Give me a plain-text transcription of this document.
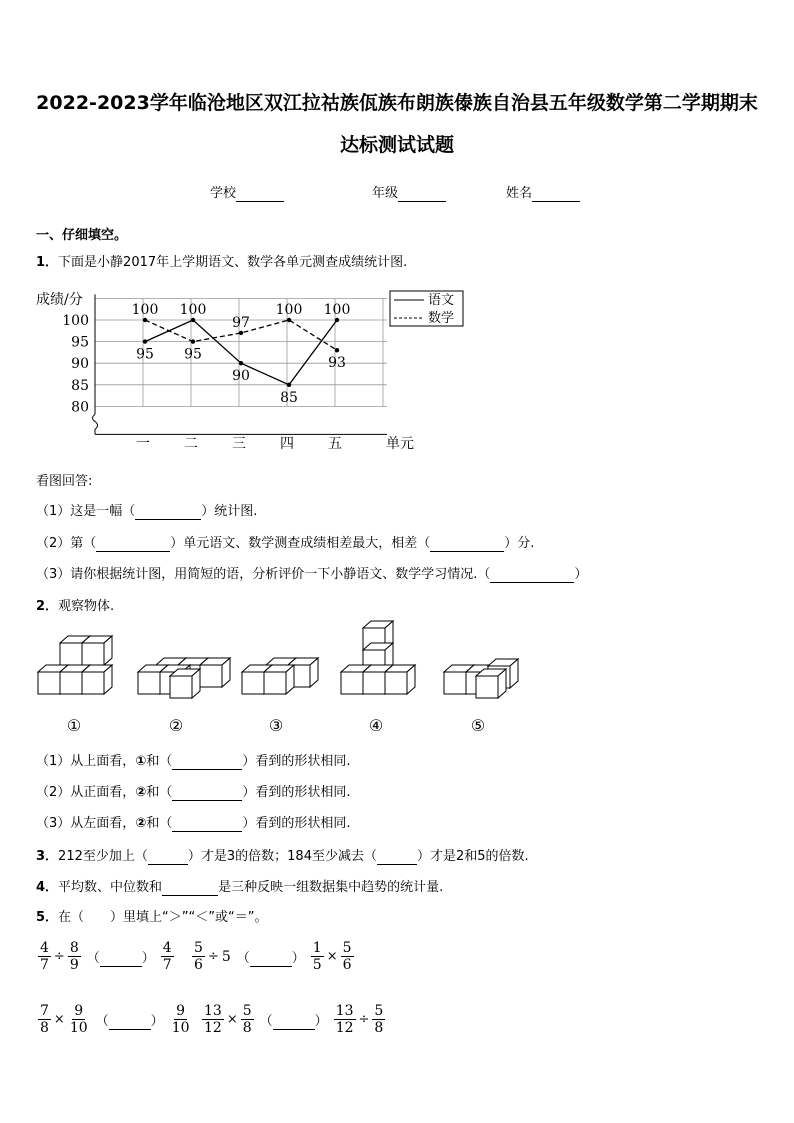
2022-2023学年临沧地区双江拉祜族佤族布朗族傣族自治县五年级数学第二学期期末
达标测试试题
学校	年级	姓名
一、仔细填空。
1．下面是小静2017年上学期语文、数学各单元测查成绩统计图.
成绩/分
100
95
90
85
80
一 二 三 四 五
95
100
90
85
100
100
95
97
100
93
单元
语文
数学
看图回答:
（1）这是一幅（	）统计图.
（2）第（	）单元语文、数学测查成绩相差最大，相差（	）分.
（3）请你根据统计图，用简短的语，分析评价一下小静语文、数学学习情况.（	）
2．观察物体.
①	②	③	④	⑤
（1）从上面看，①和（	）看到的形状相同.
（2）从正面看，②和（	）看到的形状相同.
（3）从左面看，②和（	）看到的形状相同.
3．212至少加上（	）才是3的倍数；184至少减去（	）才是2和5的倍数.
4．平均数、中位数和	是三种反映一组数据集中趋势的统计量.
5．在（　　）里填上“＞”“＜”或“＝”。
$\frac{4}{7} \div \frac{8}{9}$ （	） $\frac{4}{7} \frac{5}{6} \div 5$ （	） $\frac{1}{5} \times \frac{5}{6}$
$\frac{7}{8} \times \frac{9}{10}$ （	） $\frac{9}{10} \frac{13}{12} \times \frac{5}{8}$ （	） $\frac{13}{12} \div \frac{5}{8}$
